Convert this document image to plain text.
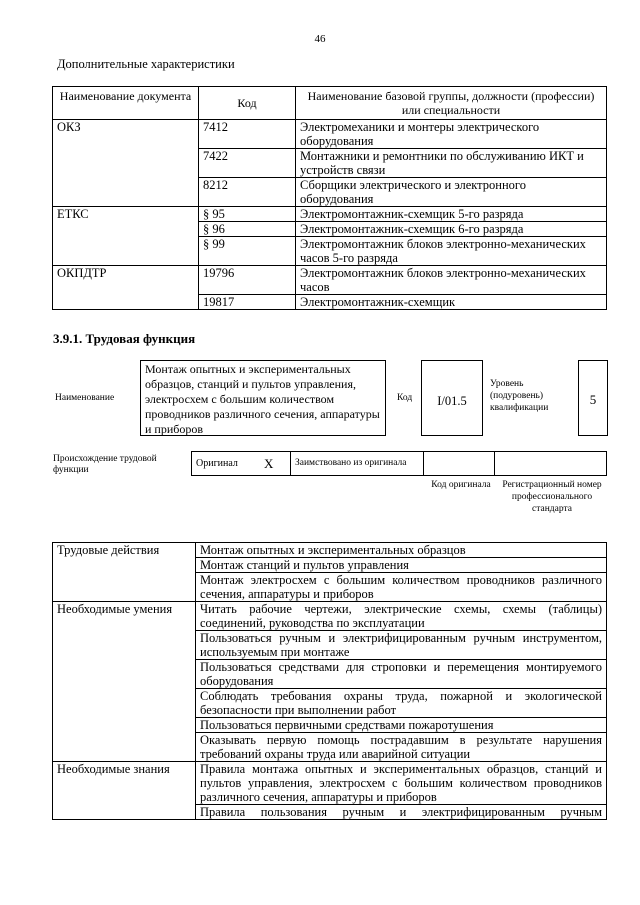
46
Дополнительные характеристики
Наименование документа	Код	Наименование базовой группы, должности (профессии) или специальности
ОКЗ	7412	Электромеханики и монтеры электрического оборудования
	7422	Монтажники и ремонтники по обслуживанию ИКТ и устройств связи
	8212	Сборщики электрического и электронного оборудования
ЕТКС	§ 95	Электромонтажник-схемщик 5-го разряда
	§ 96	Электромонтажник-схемщик 6-го разряда
	§ 99	Электромонтажник блоков электронно-механических часов 5-го разряда
ОКПДТР	19796	Электромонтажник блоков электронно-механических часов
	19817	Электромонтажник-схемщик
3.9.1. Трудовая функция
Наименование
Монтаж опытных и экспериментальных образцов, станций и пультов управления, электросхем с большим количеством проводников различного сечения, аппаратуры и приборов
Код	I/01.5
Уровень (подуровень) квалификации
5
Происхождение трудовой функции
Оригинал	X	Заимствовано из оригинала		
Код оригинала	Регистрационный номер профессионального стандарта
Трудовые действия	Монтаж опытных и экспериментальных образцов
	Монтаж станций и пультов управления
	Монтаж электросхем с большим количеством проводников различного сечения, аппаратуры и приборов
Необходимые умения	Читать рабочие чертежи, электрические схемы, схемы (таблицы) соединений, руководства по эксплуатации
	Пользоваться ручным и электрифицированным ручным инструментом, используемым при монтаже
	Пользоваться средствами для строповки и перемещения монтируемого оборудования
	Соблюдать требования охраны труда, пожарной и экологической безопасности при выполнении работ
	Пользоваться первичными средствами пожаротушения
	Оказывать первую помощь пострадавшим в результате нарушения требований охраны труда или аварийной ситуации
Необходимые знания	Правила монтажа опытных и экспериментальных образцов, станций и пультов управления, электросхем с большим количеством проводников различного сечения, аппаратуры и приборов
	Правила пользования ручным и электрифицированным ручным
